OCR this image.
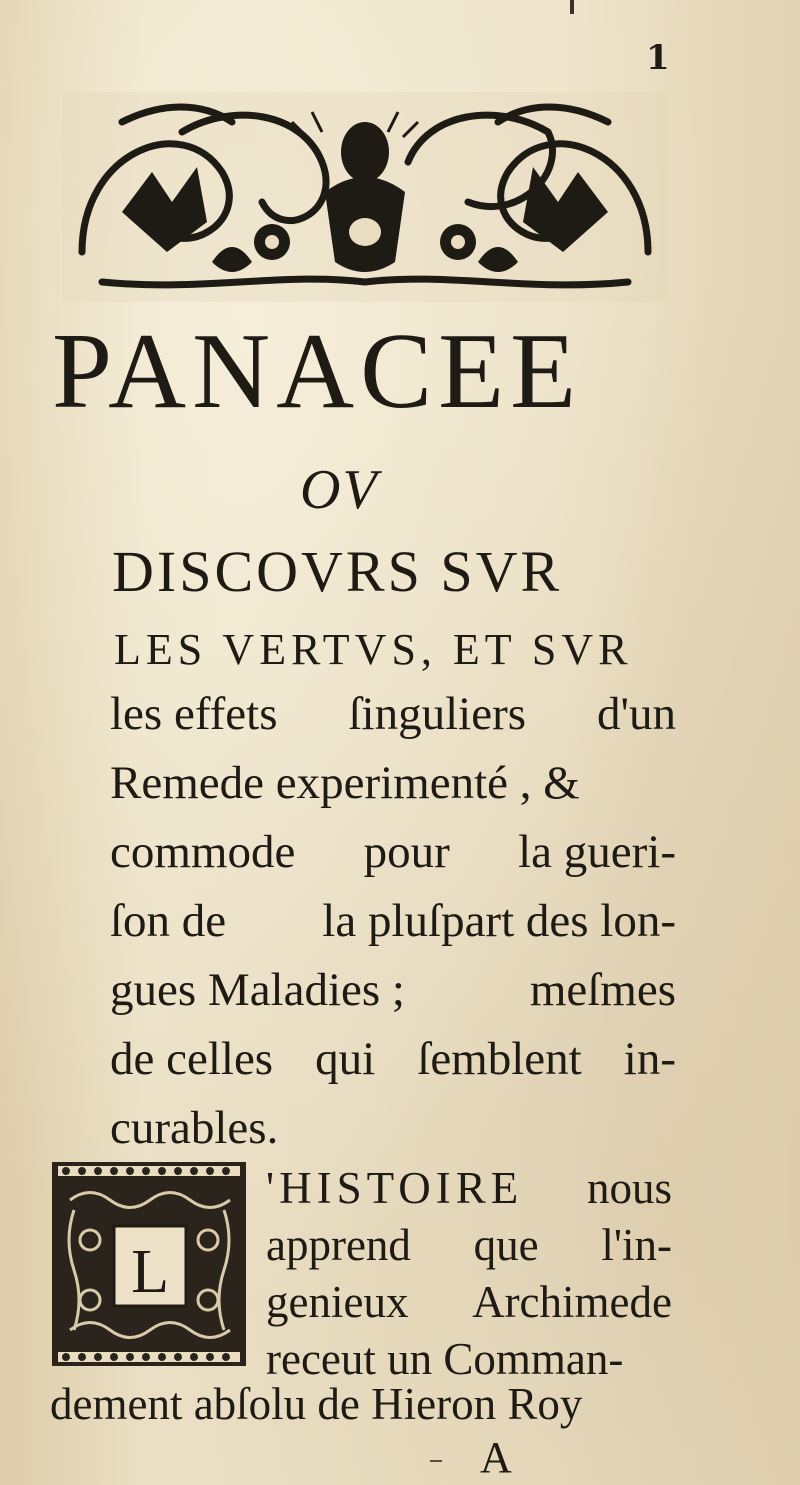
1
PANACEE
OV
DISCOVRS SVR
LES VERTVS, ET SVR
les effets ſinguliers d'un
Remede experimenté , &
commode pour la gueri-
ſon de la pluſpart des lon-
gues Maladies ;	meſmes
de celles qui ſemblent in-
curables.
L
'HISTOIRE nous
apprend que l'in-
genieux Archimede
receut un Comman-
dement abſolu de Hieron Roy
A
